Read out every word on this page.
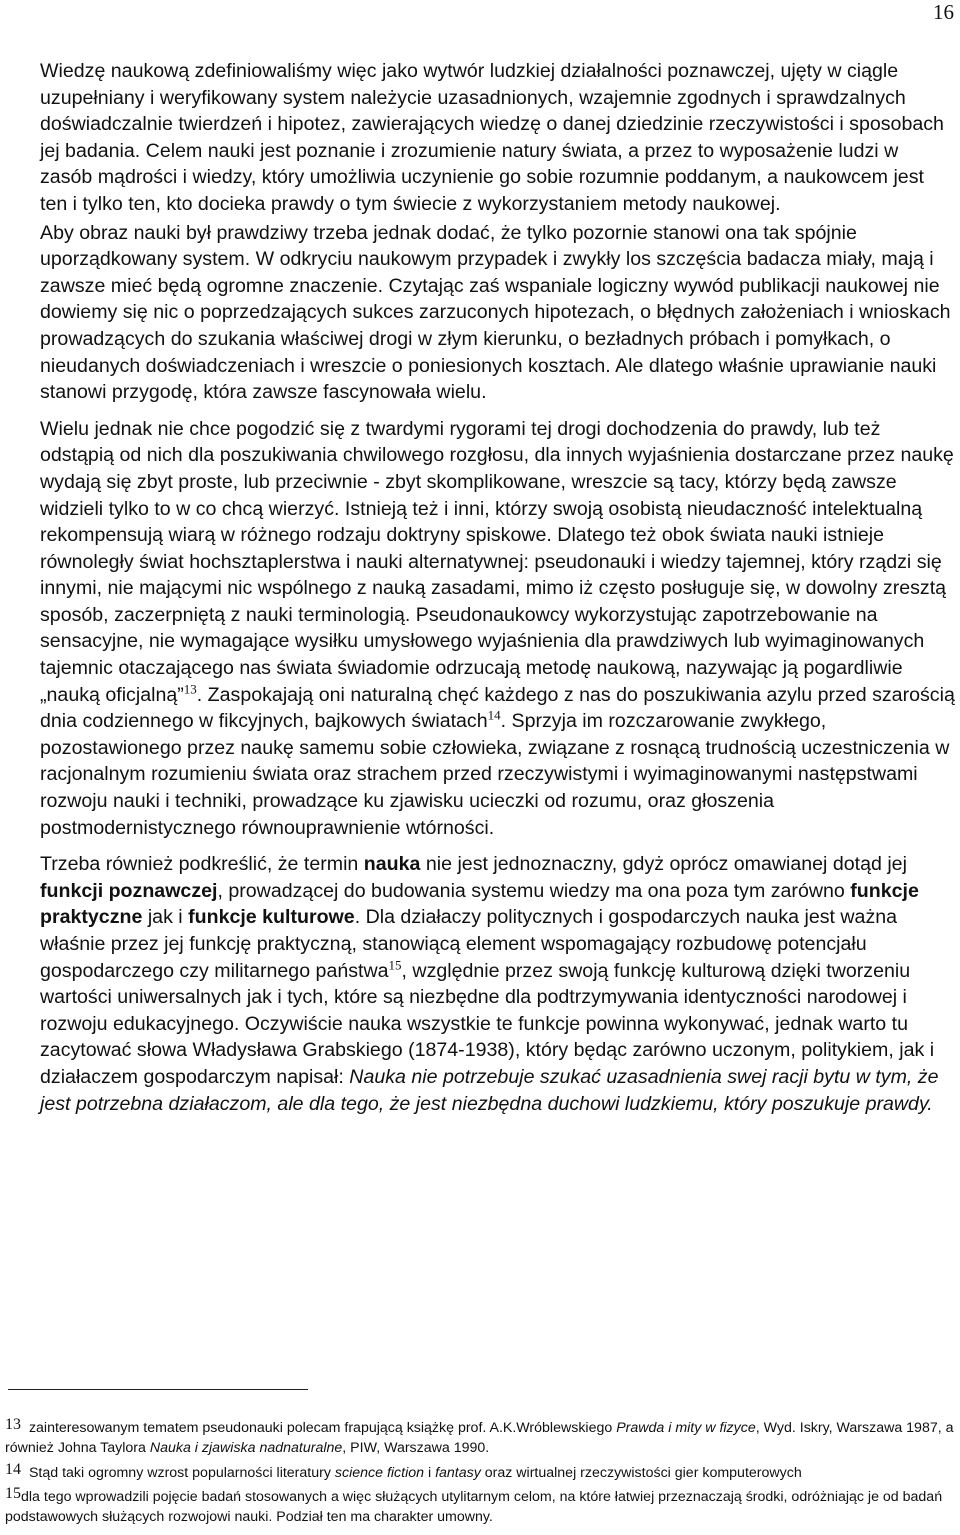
16

Wiedzę naukową zdefiniowaliśmy więc jako wytwór ludzkiej działalności poznawczej, ujęty w ciągle uzupełniany i weryfikowany system należycie uzasadnionych, wzajemnie zgodnych i sprawdzalnych doświadczalnie twierdzeń i hipotez, zawierających wiedzę o danej dziedzinie rzeczywistości i sposobach jej badania. Celem nauki jest poznanie i zrozumienie natury świata, a przez to wyposażenie ludzi w zasób mądrości i wiedzy, który umożliwia uczynienie go sobie rozumnie poddanym, a naukowcem jest ten i tylko ten, kto docieka prawdy o tym świecie z wykorzystaniem metody naukowej.

Aby obraz nauki był prawdziwy trzeba jednak dodać, że tylko pozornie stanowi ona tak spójnie uporządkowany system. W odkryciu naukowym przypadek i zwykły los szczęścia badacza miały, mają i zawsze mieć będą ogromne znaczenie. Czytając zaś wspaniale logiczny wywód publikacji naukowej nie dowiemy się nic o poprzedzających sukces zarzuconych hipotezach, o błędnych założeniach i wnioskach prowadzących do szukania właściwej drogi w złym kierunku, o bezładnych próbach i pomyłkach, o nieudanych doświadczeniach i wreszcie o poniesionych kosztach. Ale dlatego właśnie uprawianie nauki stanowi przygodę, która zawsze fascynowała wielu.

Wielu jednak nie chce pogodzić się z twardymi rygorami tej drogi dochodzenia do prawdy, lub też odstąpią od nich dla poszukiwania chwilowego rozgłosu, dla innych wyjaśnienia dostarczane przez naukę wydają się zbyt proste, lub przeciwnie - zbyt skomplikowane, wreszcie są tacy, którzy będą zawsze widzieli tylko to w co chcą wierzyć. Istnieją też i inni, którzy swoją osobistą nieudaczność intelektualną rekompensują wiarą w różnego rodzaju doktryny spiskowe. Dlatego też obok świata nauki istnieje równoległy świat hochsztaplerstwa i nauki alternatywnej: pseudonauki i wiedzy tajemnej, który rządzi się innymi, nie mającymi nic wspólnego z nauką zasadami, mimo iż często posługuje się, w dowolny zresztą sposób, zaczerpniętą z nauki terminologią. Pseudonaukowcy wykorzystując zapotrzebowanie na sensacyjne, nie wymagające wysiłku umysłowego wyjaśnienia dla prawdziwych lub wyimaginowanych tajemnic otaczającego nas świata świadomie odrzucają metodę naukową, nazywając ją pogardliwie „nauką oficjalną”$^{13}$. Zaspokajają oni naturalną chęć każdego z nas do poszukiwania azylu przed szarością dnia codziennego w fikcyjnych, bajkowych światach$^{14}$. Sprzyja im rozczarowanie zwykłego, pozostawionego przez naukę samemu sobie człowieka, związane z rosnącą trudnością uczestniczenia w racjonalnym rozumieniu świata oraz strachem przed rzeczywistymi i wyimaginowanymi następstwami rozwoju nauki i techniki, prowadzące ku zjawisku ucieczki od rozumu, oraz głoszenia postmodernistycznego równouprawnienie wtórności.

Trzeba również podkreślić, że termin nauka nie jest jednoznaczny, gdyż oprócz omawianej dotąd jej funkcji poznawczej, prowadzącej do budowania systemu wiedzy ma ona poza tym zarówno funkcje praktyczne jak i funkcje kulturowe. Dla działaczy politycznych i gospodarczych nauka jest ważna właśnie przez jej funkcję praktyczną, stanowiącą element wspomagający rozbudowę potencjału gospodarczego czy militarnego państwa$^{15}$, względnie przez swoją funkcję kulturową dzięki tworzeniu wartości uniwersalnych jak i tych, które są niezbędne dla podtrzymywania identyczności narodowej i rozwoju edukacyjnego. Oczywiście nauka wszystkie te funkcje powinna wykonywać, jednak warto tu zacytować słowa Władysława Grabskiego (1874-1938), który będąc zarówno uczonym, politykiem, jak i działaczem gospodarczym napisał: Nauka nie potrzebuje szukać uzasadnienia swej racji bytu w tym, że jest potrzebna działaczom, ale dla tego, że jest niezbędna duchowi ludzkiemu, który poszukuje prawdy.

13 zainteresowanym tematem pseudonauki polecam frapującą książkę prof. A.K.Wróblewskiego Prawda i mity w fizyce, Wyd. Iskry, Warszawa 1987, a również Johna Taylora Nauka i zjawiska nadnaturalne, PIW, Warszawa 1990.

14 Stąd taki ogromny wzrost popularności literatury science fiction i fantasy oraz wirtualnej rzeczywistości gier komputerowych

15dla tego wprowadzili pojęcie badań stosowanych a więc służących utylitarnym celom, na które łatwiej przeznaczają środki, odróżniając je od badań podstawowych służących rozwojowi nauki. Podział ten ma charakter umowny.
